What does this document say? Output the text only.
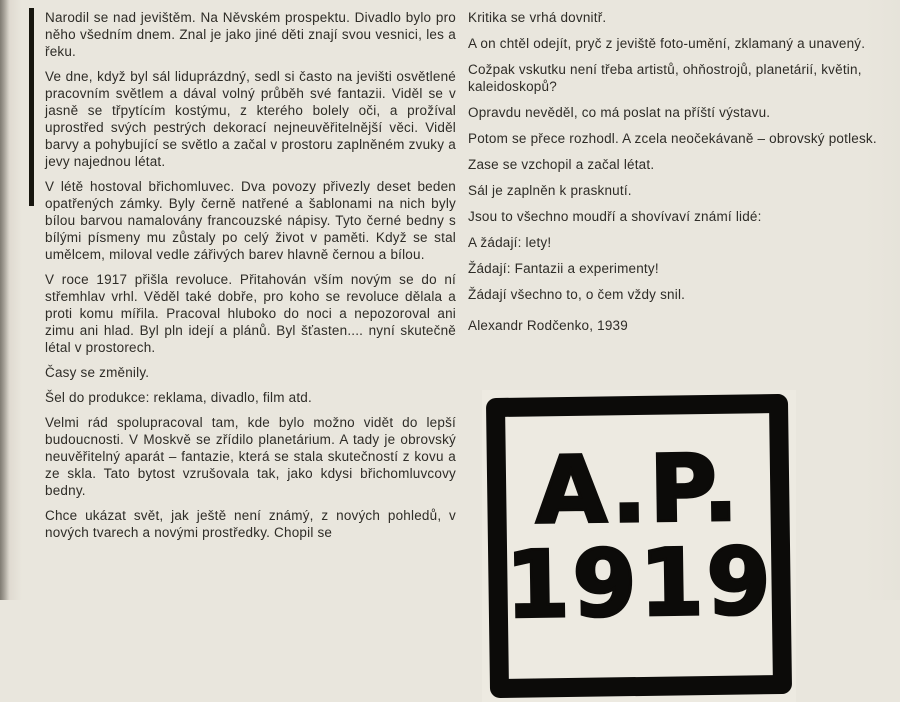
Narodil se nad jevištěm. Na Něvském prospektu. Divadlo bylo pro něho všedním dnem. Znal je jako jiné děti znají svou vesnici, les a řeku.

Ve dne, když byl sál liduprázdný, sedl si často na jevišti osvětlené pracovním světlem a dával volný průběh své fantazii. Viděl se v jasně se třpytícím kostýmu, z kterého bolely oči, a prožíval uprostřed svých pestrých dekorací nejneuvěřitelnější věci. Viděl barvy a pohybující se světlo a začal v prostoru zaplněném zvuky a jevy najednou létat.

V létě hostoval břichomluvec. Dva povozy přivezly deset beden opatřených zámky. Byly černě natřené a šablonami na nich byly bílou barvou namalovány francouzské nápisy. Tyto černé bedny s bílými písmeny mu zůstaly po celý život v paměti. Když se stal umělcem, miloval vedle zářivých barev hlavně černou a bílou.

V roce 1917 přišla revoluce. Přitahován vším novým se do ní střemhlav vrhl. Věděl také dobře, pro koho se revoluce dělala a proti komu mířila. Pracoval hluboko do noci a nepozoroval ani zimu ani hlad. Byl pln idejí a plánů. Byl šťasten.... nyní skutečně létal v prostorech.

Časy se změnily.

Šel do produkce: reklama, divadlo, film atd.

Velmi rád spolupracoval tam, kde bylo možno vidět do lepší budoucnosti. V Moskvě se zřídilo planetárium. A tady je obrovský neuvěřitelný aparát – fantazie, která se stala skutečností z kovu a ze skla. Tato bytost vzrušovala tak, jako kdysi břichomluvcovy bedny.

Chce ukázat svět, jak ještě není známý, z nových pohledů, v nových tvarech a novými prostředky. Chopil se

Kritika se vrhá dovnitř.

A on chtěl odejít, pryč z jeviště foto-umění, zklamaný a unavený.

Cožpak vskutku není třeba artistů, ohňostrojů, planetárií, květin, kaleidoskopů?

Opravdu nevěděl, co má poslat na příští výstavu.

Potom se přece rozhodl. A zcela neočekávaně – obrovský potlesk.

Zase se vzchopil a začal létat.

Sál je zaplněn k prasknutí.

Jsou to všechno moudří a shovívaví známí lidé:

A žádají: lety!

Žádají: Fantazii a experimenty!

Žádají všechno to, o čem vždy snil.

Alexandr Rodčenko, 1939

A.P.
1919
